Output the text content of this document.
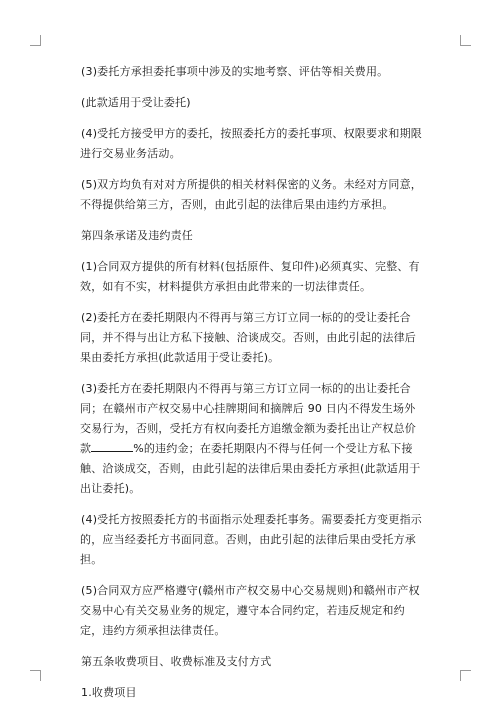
(3)委托方承担委托事项中涉及的实地考察、评估等相关费用。

(此款适用于受让委托)

(4)受托方接受甲方的委托，按照委托方的委托事项、权限要求和期限进行交易业务活动。

(5)双方均负有对对方所提供的相关材料保密的义务。未经对方同意，不得提供给第三方，否则，由此引起的法律后果由违约方承担。

第四条承诺及违约责任

(1)合同双方提供的所有材料(包括原件、复印件)必须真实、完整、有效，如有不实，材料提供方承担由此带来的一切法律责任。

(2)委托方在委托期限内不得再与第三方订立同一标的的受让委托合同，并不得与出让方私下接触、洽谈成交。否则，由此引起的法律后果由委托方承担(此款适用于受让委托)。

(3)委托方在委托期限内不得再与第三方订立同一标的的出让委托合同；在赣州市产权交易中心挂牌期间和摘牌后 90 日内不得发生场外交易行为，否则，受托方有权向委托方追缴金额为委托出让产权总价款	%的违约金；在委托期限内不得与任何一个受让方私下接触、洽谈成交，否则，由此引起的法律后果由委托方承担(此款适用于出让委托)。

(4)受托方按照委托方的书面指示处理委托事务。需要委托方变更指示的，应当经委托方书面同意。否则，由此引起的法律后果由受托方承担。

(5)合同双方应严格遵守(赣州市产权交易中心交易规则)和赣州市产权交易中心有关交易业务的规定，遵守本合同约定，若违反规定和约定，违约方须承担法律责任。

第五条收费项目、收费标准及支付方式

1.收费项目
